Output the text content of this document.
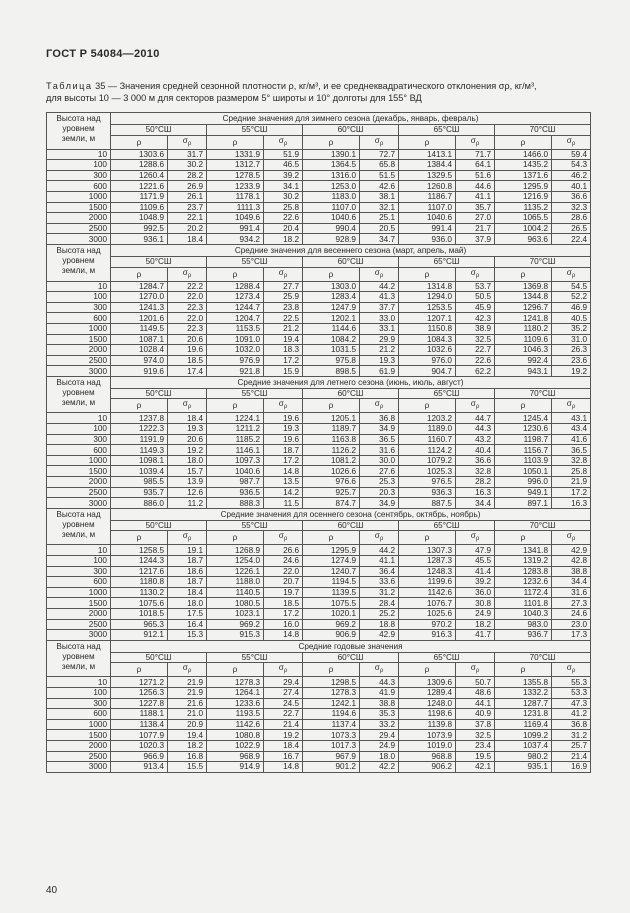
ГОСТ Р 54084—2010
Таблица 35 — Значения средней сезонной плотности ρ, кг/м³, и ее среднеквадратического отклонения σρ, кг/м³,
для высоты 10 — 3 000 м для секторов размером 5° широты и 10° долготы для 155° ВД
Высота над уровнем земли, м	Средние значения для зимнего сезона (декабрь, январь, февраль)									
	50°СШ		55°СШ		60°СШ		65°СШ		70°СШ	
	ρ	$\sigma_\rho$	ρ	$\sigma_\rho$	ρ	$\sigma_\rho$	ρ	$\sigma_\rho$	ρ	$\sigma_\rho$
10	1303.6	31.7	1331.9	51.9	1390.1	72.7	1413.1	71.7	1466.0	59.4
100	1288.6	30.2	1312.7	46.5	1364.5	65.8	1384.4	64.1	1435.2	54.3
300	1260.4	28.2	1278.5	39.2	1316.0	51.5	1329.5	51.6	1371.6	46.2
600	1221.6	26.9	1233.9	34.1	1253.0	42.6	1260.8	44.6	1295.9	40.1
1000	1171.9	26.1	1178.1	30.2	1183.0	38.1	1186.7	41.1	1216.9	36.6
1500	1109.6	23.7	1111.3	25.8	1107.0	32.1	1107.0	35.7	1135.2	32.3
2000	1048.9	22.1	1049.6	22.6	1040.6	25.1	1040.6	27.0	1065.5	28.6
2500	992.5	20.2	991.4	20.4	990.4	20.5	991.4	21.7	1004.2	26.5
3000	936.1	18.4	934.2	18.2	928.9	34.7	936.0	37.9	963.6	22.4
Высота над уровнем земли, м	Средние значения для весеннего сезона (март, апрель, май)									
	50°СШ		55°СШ		60°СШ		65°СШ		70°СШ	
	ρ	$\sigma_\rho$	ρ	$\sigma_\rho$	ρ	$\sigma_\rho$	ρ	$\sigma_\rho$	ρ	$\sigma_\rho$
10	1284.7	22.2	1288.4	27.7	1303.0	44.2	1314.8	53.7	1369.8	54.5
100	1270.0	22.0	1273.4	25.9	1283.4	41.3	1294.0	50.5	1344.8	52.2
300	1241.3	22.3	1244.7	23.8	1247.9	37.7	1253.5	45.9	1296.7	46.9
600	1201.6	22.0	1204.7	22.5	1202.1	33.0	1207.1	42.3	1241.8	40.5
1000	1149.5	22.3	1153.5	21.2	1144.6	33.1	1150.8	38.9	1180.2	35.2
1500	1087.1	20.6	1091.0	19.4	1084.2	29.9	1084.3	32.5	1109.6	31.0
2000	1028.4	19.6	1032.0	18.3	1031.5	21.2	1032.6	22.7	1046.3	26.3
2500	974.0	18.5	976.9	17.2	975.8	19.3	976.0	22.6	992.4	23.6
3000	919.6	17.4	921.8	15.9	898.5	61.9	904.7	62.2	943.1	19.2
Высота над уровнем земли, м	Средние значения для летнего сезона (июнь, июль, август)									
	50°СШ		55°СШ		60°СШ		65°СШ		70°СШ	
	ρ	$\sigma_\rho$	ρ	$\sigma_\rho$	ρ	$\sigma_\rho$	ρ	$\sigma_\rho$	ρ	$\sigma_\rho$
10	1237.8	18.4	1224.1	19.6	1205.1	36.8	1203.2	44.7	1245.4	43.1
100	1222.3	19.3	1211.2	19.3	1189.7	34.9	1189.0	44.3	1230.6	43.4
300	1191.9	20.6	1185.2	19.6	1163.8	36.5	1160.7	43.2	1198.7	41.6
600	1149.3	19.2	1146.1	18.7	1126.2	31.6	1124.2	40.4	1156.7	36.5
1000	1098.1	18.0	1097.3	17.2	1081.2	30.0	1079.2	36.6	1103.9	32.8
1500	1039.4	15.7	1040.6	14.8	1026.6	27.6	1025.3	32.8	1050.1	25.8
2000	985.5	13.9	987.7	13.5	976.6	25.3	976.5	28.2	996.0	21.9
2500	935.7	12.6	936.5	14.2	925.7	20.3	936.3	16.3	949.1	17.2
3000	886.0	11.2	888.3	11.5	874.7	34.9	887.5	34.4	897.1	16.3
Высота над уровнем земли, м	Средние значения для осеннего сезона (сентябрь, октябрь, ноябрь)									
	50°СШ		55°СШ		60°СШ		65°СШ		70°СШ	
	ρ	$\sigma_\rho$	ρ	$\sigma_\rho$	ρ	$\sigma_\rho$	ρ	$\sigma_\rho$	ρ	$\sigma_\rho$
10	1258.5	19.1	1268.9	26.6	1295.9	44.2	1307.3	47.9	1341.8	42.9
100	1244.3	18.7	1254.0	24.6	1274.9	41.1	1287.3	45.5	1319.2	42.8
300	1217.6	18.6	1226.1	22.0	1240.7	36.4	1248.3	41.4	1283.8	38.8
600	1180.8	18.7	1188.0	20.7	1194.5	33.6	1199.6	39.2	1232.6	34.4
1000	1130.2	18.4	1140.5	19.7	1139.5	31.2	1142.6	36.0	1172.4	31.6
1500	1075.6	18.0	1080.5	18.5	1075.5	28.4	1076.7	30.8	1101.8	27.3
2000	1018.5	17.5	1023.1	17.2	1020.1	25.2	1025.6	24.9	1040.3	24.6
2500	965.3	16.4	969.2	16.0	969.2	18.8	970.2	18.2	983.0	23.0
3000	912.1	15.3	915.3	14.8	906.9	42.9	916.3	41.7	936.7	17.3
Высота над уровнем земли, м	Средние годовые значения									
	50°СШ		55°СШ		60°СШ		65°СШ		70°СШ	
	ρ	$\sigma_\rho$	ρ	$\sigma_\rho$	ρ	$\sigma_\rho$	ρ	$\sigma_\rho$	ρ	$\sigma_\rho$
10	1271.2	21.9	1278.3	29.4	1298.5	44.3	1309.6	50.7	1355.8	55.3
100	1256.3	21.9	1264.1	27.4	1278.3	41.9	1289.4	48.6	1332.2	53.3
300	1227.8	21.6	1233.6	24.5	1242.1	38.8	1248.0	44.1	1287.7	47.3
600	1188.1	21.0	1193.5	22.7	1194.6	35.3	1198.6	40.9	1231.8	41.2
1000	1138.4	20.9	1142.6	21.4	1137.4	33.2	1139.8	37.8	1169.4	36.8
1500	1077.9	19.4	1080.8	19.2	1073.3	29.4	1073.9	32.5	1099.2	31.2
2000	1020.3	18.2	1022.9	18.4	1017.3	24.9	1019.0	23.4	1037.4	25.7
2500	966.9	16.8	968.9	16.7	967.9	18.0	968.8	19.5	980.2	21.4
3000	913.4	15.5	914.9	14.8	901.2	42.2	906.2	42.1	935.1	16.9
40
